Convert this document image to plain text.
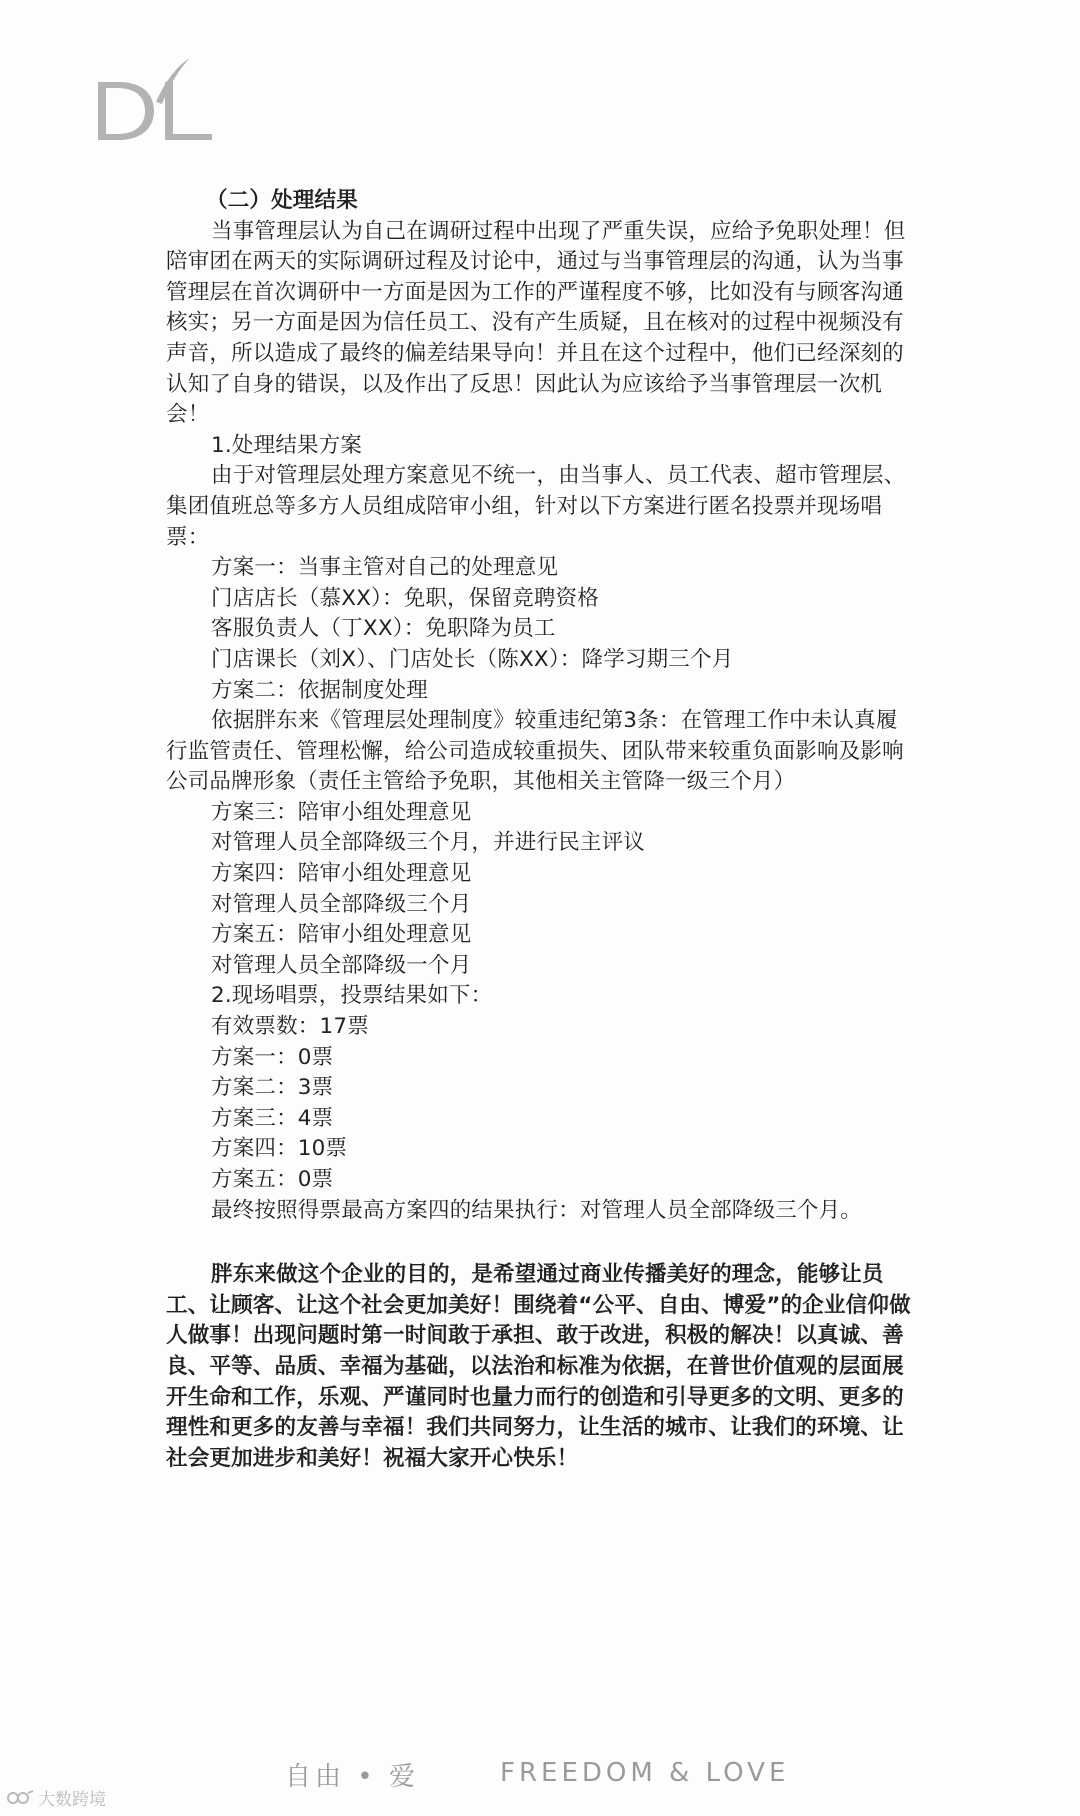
（二）处理结果

当事管理层认为自己在调研过程中出现了严重失误，应给予免职处理！但陪审团在两天的实际调研过程及讨论中，通过与当事管理层的沟通，认为当事管理层在首次调研中一方面是因为工作的严谨程度不够，比如没有与顾客沟通核实；另一方面是因为信任员工、没有产生质疑，且在核对的过程中视频没有声音，所以造成了最终的偏差结果导向！并且在这个过程中，他们已经深刻的认知了自身的错误，以及作出了反思！因此认为应该给予当事管理层一次机会！

1.处理结果方案

由于对管理层处理方案意见不统一，由当事人、员工代表、超市管理层、集团值班总等多方人员组成陪审小组，针对以下方案进行匿名投票并现场唱票：

方案一：当事主管对自己的处理意见

门店店长（慕XX）：免职，保留竞聘资格

客服负责人（丁XX）：免职降为员工

门店课长（刘X）、门店处长（陈XX）：降学习期三个月

方案二：依据制度处理

依据胖东来《管理层处理制度》较重违纪第3条：在管理工作中未认真履行监管责任、管理松懈，给公司造成较重损失、团队带来较重负面影响及影响公司品牌形象（责任主管给予免职，其他相关主管降一级三个月）

方案三：陪审小组处理意见

对管理人员全部降级三个月，并进行民主评议

方案四：陪审小组处理意见

对管理人员全部降级三个月

方案五：陪审小组处理意见

对管理人员全部降级一个月

2.现场唱票，投票结果如下：

有效票数：17票

方案一：0票

方案二：3票

方案三：4票

方案四：10票

方案五：0票

最终按照得票最高方案四的结果执行：对管理人员全部降级三个月。

胖东来做这个企业的目的，是希望通过商业传播美好的理念，能够让员工、让顾客、让这个社会更加美好！围绕着“公平、自由、博爱”的企业信仰做人做事！出现问题时第一时间敢于承担、敢于改进，积极的解决！以真诚、善良、平等、品质、幸福为基础，以法治和标准为依据，在普世价值观的层面展开生命和工作，乐观、严谨同时也量力而行的创造和引导更多的文明、更多的理性和更多的友善与幸福！我们共同努力，让生活的城市、让我们的环境、让社会更加进步和美好！祝福大家开心快乐！

自由 • 爱	FREEDOM & LOVE
大数跨境
